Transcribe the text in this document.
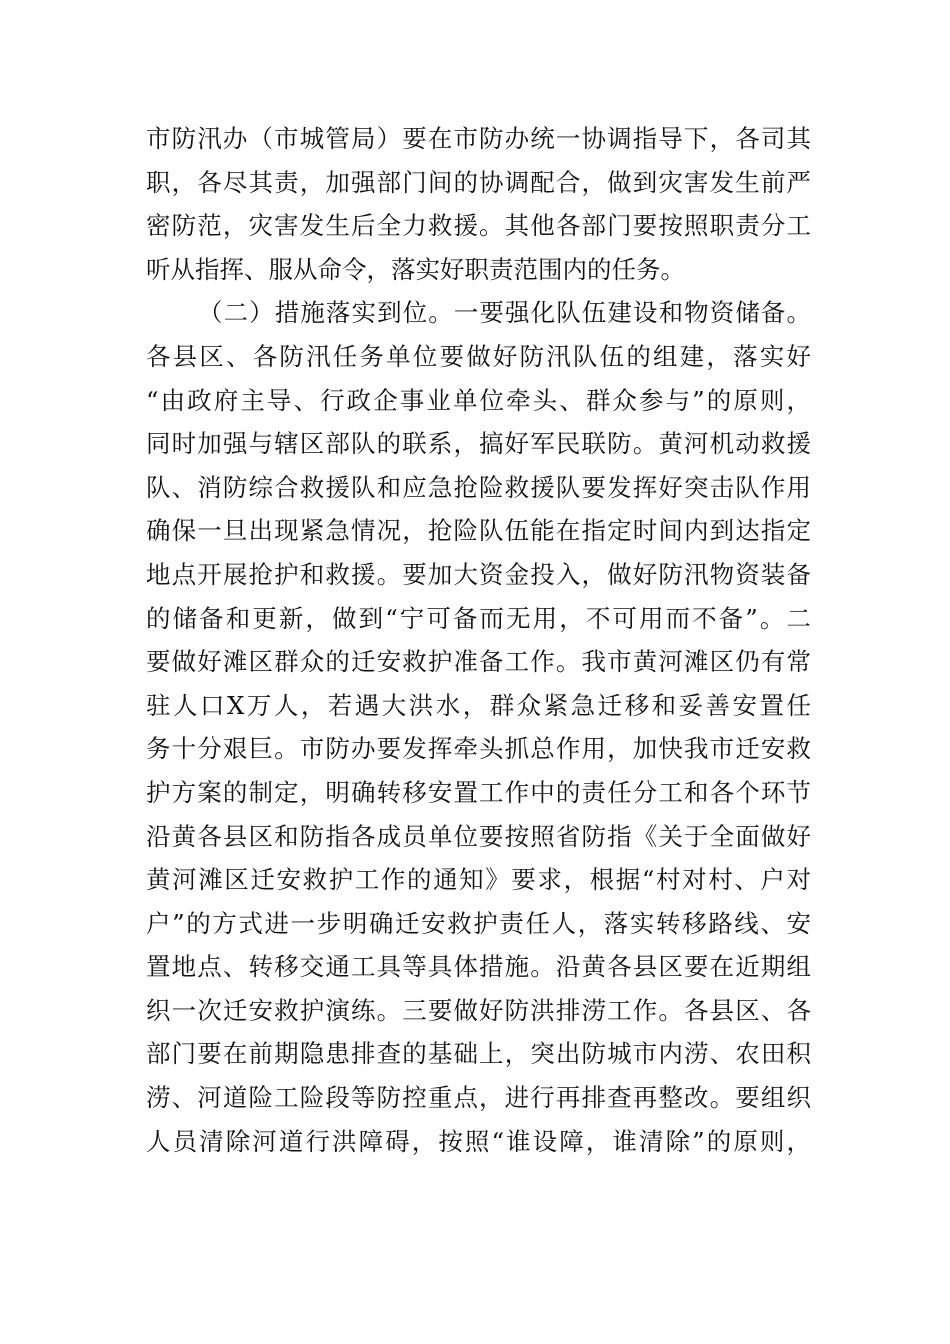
市防汛办（市城管局）要在市防办统一协调指导下，各司其
职，各尽其责，加强部门间的协调配合，做到灾害发生前严
密防范，灾害发生后全力救援。其他各部门要按照职责分工
听从指挥、服从命令，落实好职责范围内的任务。
（二）措施落实到位。一要强化队伍建设和物资储备。
各县区、各防汛任务单位要做好防汛队伍的组建，落实好
“由政府主导、行政企事业单位牵头、群众参与”的原则，
同时加强与辖区部队的联系，搞好军民联防。黄河机动救援
队、消防综合救援队和应急抢险救援队要发挥好突击队作用
确保一旦出现紧急情况，抢险队伍能在指定时间内到达指定
地点开展抢护和救援。要加大资金投入，做好防汛物资装备
的储备和更新，做到“宁可备而无用，不可用而不备”。二
要做好滩区群众的迁安救护准备工作。我市黄河滩区仍有常
驻人口X万人，若遇大洪水，群众紧急迁移和妥善安置任
务十分艰巨。市防办要发挥牵头抓总作用，加快我市迁安救
护方案的制定，明确转移安置工作中的责任分工和各个环节
沿黄各县区和防指各成员单位要按照省防指《关于全面做好
黄河滩区迁安救护工作的通知》要求，根据“村对村、户对
户”的方式进一步明确迁安救护责任人，落实转移路线、安
置地点、转移交通工具等具体措施。沿黄各县区要在近期组
织一次迁安救护演练。三要做好防洪排涝工作。各县区、各
部门要在前期隐患排查的基础上，突出防城市内涝、农田积
涝、河道险工险段等防控重点，进行再排查再整改。要组织
人员清除河道行洪障碍，按照“谁设障，谁清除”的原则，
